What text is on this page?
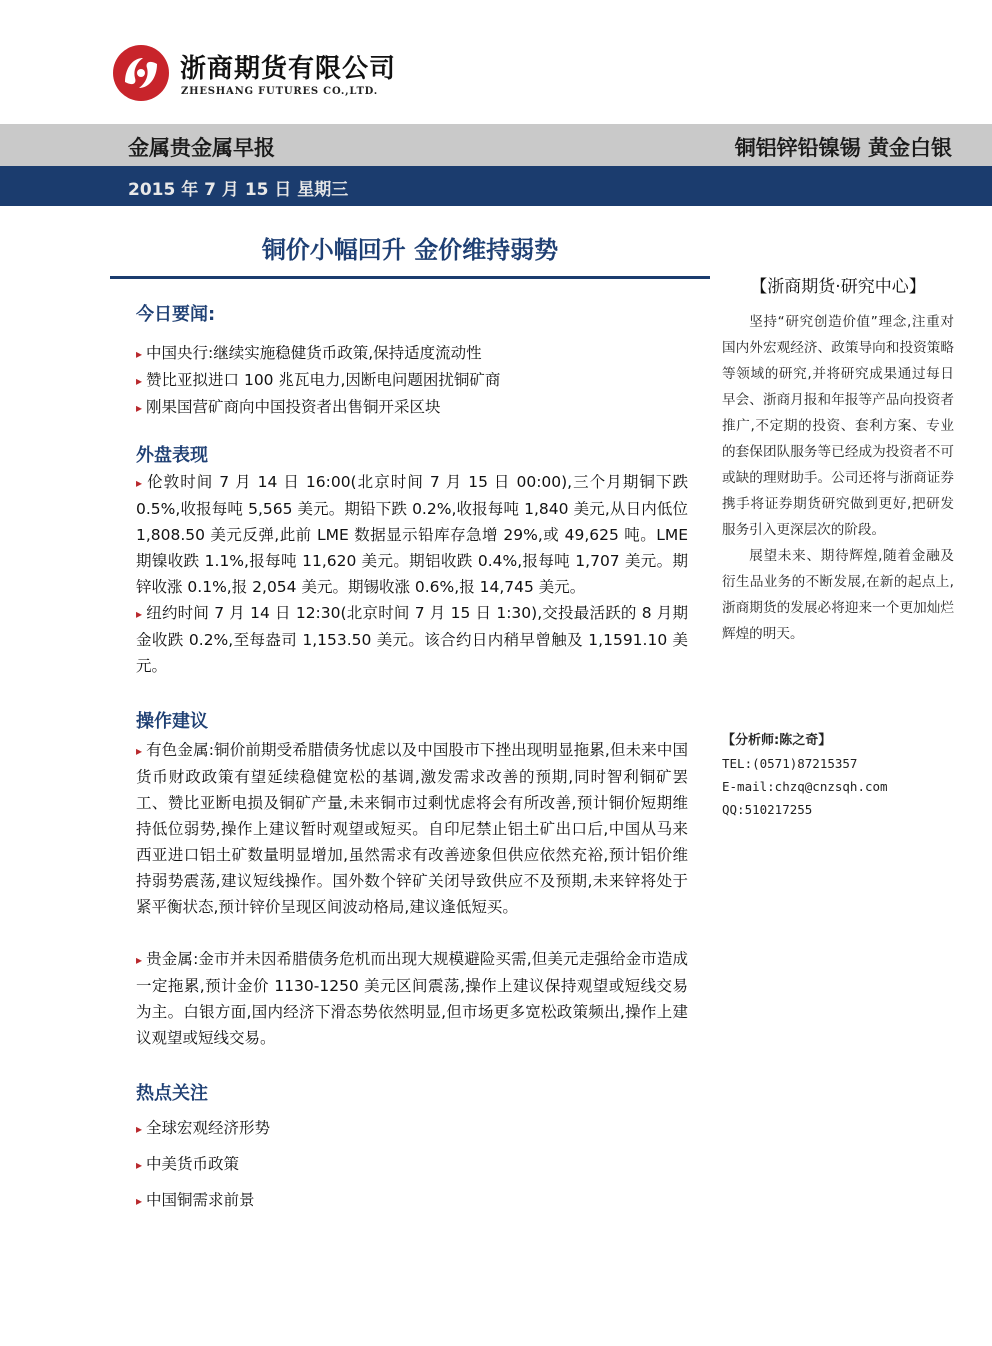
浙商期货有限公司
ZHESHANG FUTURES CO.,LTD.
金属贵金属早报	铜铝锌铅镍锡 黄金白银
2015 年 7 月 15 日 星期三
铜价小幅回升 金价维持弱势
今日要闻:
▸ 中国央行:继续实施稳健货币政策,保持适度流动性
▸ 赞比亚拟进口 100 兆瓦电力,因断电问题困扰铜矿商
▸ 刚果国营矿商向中国投资者出售铜开采区块
外盘表现
▸ 伦敦时间 7 月 14 日 16:00(北京时间 7 月 15 日 00:00),三个月期铜下跌 0.5%,收报每吨 5,565 美元。期铅下跌 0.2%,收报每吨 1,840 美元,从日内低位 1,808.50 美元反弹,此前 LME 数据显示铅库存急增 29%,或 49,625 吨。LME 期镍收跌 1.1%,报每吨 11,620 美元。期铝收跌 0.4%,报每吨 1,707 美元。期锌收涨 0.1%,报 2,054 美元。期锡收涨 0.6%,报 14,745 美元。
▸ 纽约时间 7 月 14 日 12:30(北京时间 7 月 15 日 1:30),交投最活跃的 8 月期金收跌 0.2%,至每盎司 1,153.50 美元。该合约日内稍早曾触及 1,1591.10 美元。
操作建议
▸ 有色金属:铜价前期受希腊债务忧虑以及中国股市下挫出现明显拖累,但未来中国货币财政政策有望延续稳健宽松的基调,激发需求改善的预期,同时智利铜矿罢工、赞比亚断电损及铜矿产量,未来铜市过剩忧虑将会有所改善,预计铜价短期维持低位弱势,操作上建议暂时观望或短买。自印尼禁止铝土矿出口后,中国从马来西亚进口铝土矿数量明显增加,虽然需求有改善迹象但供应依然充裕,预计铝价维持弱势震荡,建议短线操作。国外数个锌矿关闭导致供应不及预期,未来锌将处于紧平衡状态,预计锌价呈现区间波动格局,建议逢低短买。
▸ 贵金属:金市并未因希腊债务危机而出现大规模避险买需,但美元走强给金市造成一定拖累,预计金价 1130-1250 美元区间震荡,操作上建议保持观望或短线交易为主。白银方面,国内经济下滑态势依然明显,但市场更多宽松政策频出,操作上建议观望或短线交易。
热点关注
▸ 全球宏观经济形势
▸ 中美货币政策
▸ 中国铜需求前景
【浙商期货·研究中心】
坚持“研究创造价值”理念,注重对国内外宏观经济、政策导向和投资策略等领域的研究,并将研究成果通过每日早会、浙商月报和年报等产品向投资者推广,不定期的投资、套利方案、专业的套保团队服务等已经成为投资者不可或缺的理财助手。公司还将与浙商证券携手将证券期货研究做到更好,把研发服务引入更深层次的阶段。
展望未来、期待辉煌,随着金融及衍生品业务的不断发展,在新的起点上,浙商期货的发展必将迎来一个更加灿烂辉煌的明天。
【分析师:陈之奇】
TEL:(0571)87215357
E-mail:chzq@cnzsqh.com
QQ:510217255
